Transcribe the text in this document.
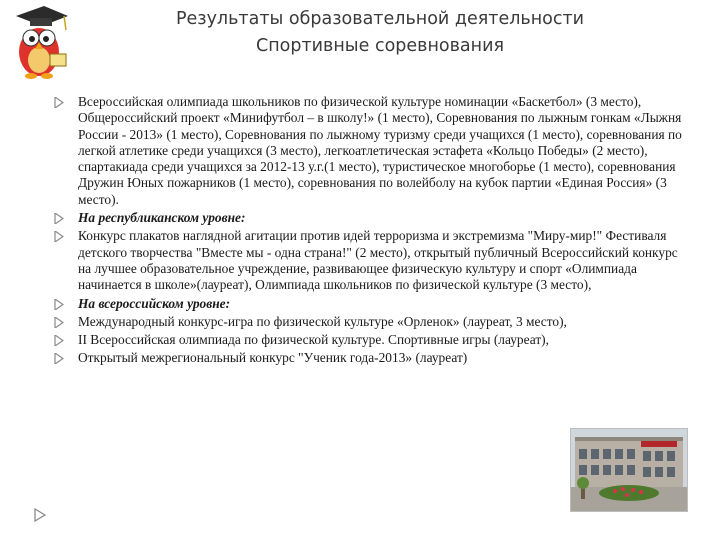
Результаты образовательной деятельности
Спортивные соревнования
Всероссийская олимпиада школьников по физической культуре номинации «Баскетбол» (3 место), Общероссийский проект «Минифутбол – в школу!» (1 место), Соревнования по лыжным гонкам «Лыжня России - 2013» (1 место), Соревнования по лыжному туризму среди учащихся (1 место), соревнования по легкой атлетике среди учащихся (3 место), легкоатлетическая эстафета «Кольцо Победы» (2 место), спартакиада среди учащихся за 2012-13 у.г.(1 место), туристическое многоборье (1 место), соревнования Дружин Юных пожарников (1 место), соревнования по волейболу на кубок партии «Единая Россия» (3 место).
На республиканском уровне:
Конкурс плакатов наглядной агитации против идей терроризма и экстремизма "Миру-мир!" Фестиваля детского творчества "Вместе мы - одна страна!" (2 место), открытый публичный Всероссийский конкурс на лучшее образовательное учреждение, развивающее физическую культуру и спорт «Олимпиада начинается в школе»(лауреат), Олимпиада школьников по физической культуре (3 место),
На всероссийском уровне:
Международный конкурс-игра по физической культуре «Орленок» (лауреат, 3 место),
II Всероссийская олимпиада по физической культуре. Спортивные игры (лауреат),
Открытый межрегиональный конкурс "Ученик года-2013» (лауреат)
